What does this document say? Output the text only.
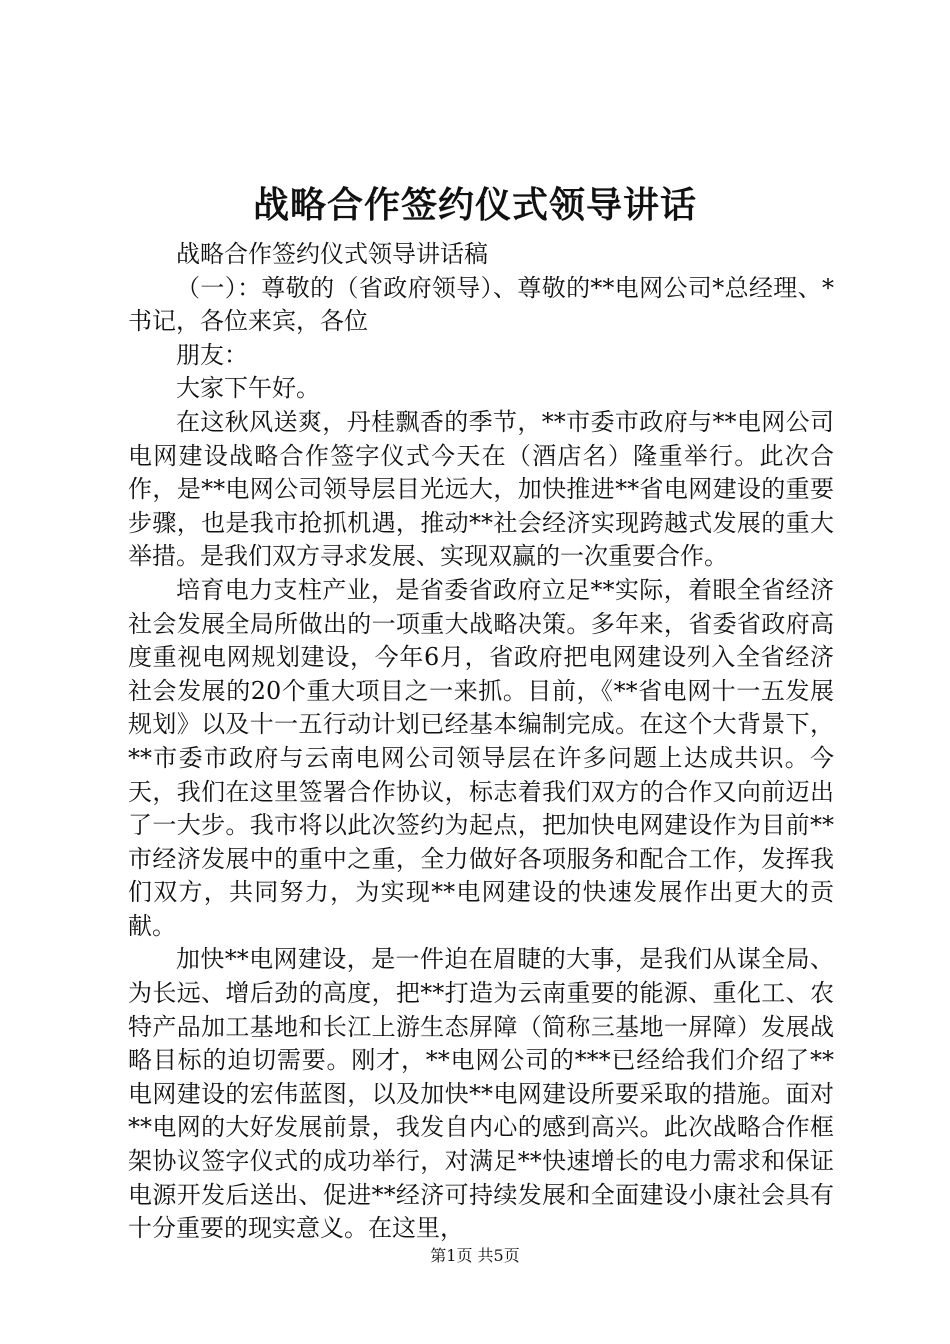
战略合作签约仪式领导讲话

战略合作签约仪式领导讲话稿

（一）：尊敬的（省政府领导）、尊敬的**电网公司*总经理、*书记，各位来宾，各位

朋友：

大家下午好。

在这秋风送爽，丹桂飘香的季节，**市委市政府与**电网公司电网建设战略合作签字仪式今天在（酒店名）隆重举行。此次合作，是**电网公司领导层目光远大，加快推进**省电网建设的重要步骤，也是我市抢抓机遇，推动**社会经济实现跨越式发展的重大举措。是我们双方寻求发展、实现双赢的一次重要合作。

培育电力支柱产业，是省委省政府立足**实际，着眼全省经济社会发展全局所做出的一项重大战略决策。多年来，省委省政府高度重视电网规划建设，今年6月，省政府把电网建设列入全省经济社会发展的20个重大项目之一来抓。目前，《**省电网十一五发展规划》以及十一五行动计划已经基本编制完成。在这个大背景下，**市委市政府与云南电网公司领导层在许多问题上达成共识。今天，我们在这里签署合作协议，标志着我们双方的合作又向前迈出了一大步。我市将以此次签约为起点，把加快电网建设作为目前**市经济发展中的重中之重，全力做好各项服务和配合工作，发挥我们双方，共同努力，为实现**电网建设的快速发展作出更大的贡献。

加快**电网建设，是一件迫在眉睫的大事，是我们从谋全局、为长远、增后劲的高度，把**打造为云南重要的能源、重化工、农特产品加工基地和长江上游生态屏障（简称三基地一屏障）发展战略目标的迫切需要。刚才，**电网公司的***已经给我们介绍了**电网建设的宏伟蓝图，以及加快**电网建设所要采取的措施。面对**电网的大好发展前景，我发自内心的感到高兴。此次战略合作框架协议签字仪式的成功举行，对满足**快速增长的电力需求和保证电源开发后送出、促进**经济可持续发展和全面建设小康社会具有十分重要的现实意义。在这里，

第1页 共5页
